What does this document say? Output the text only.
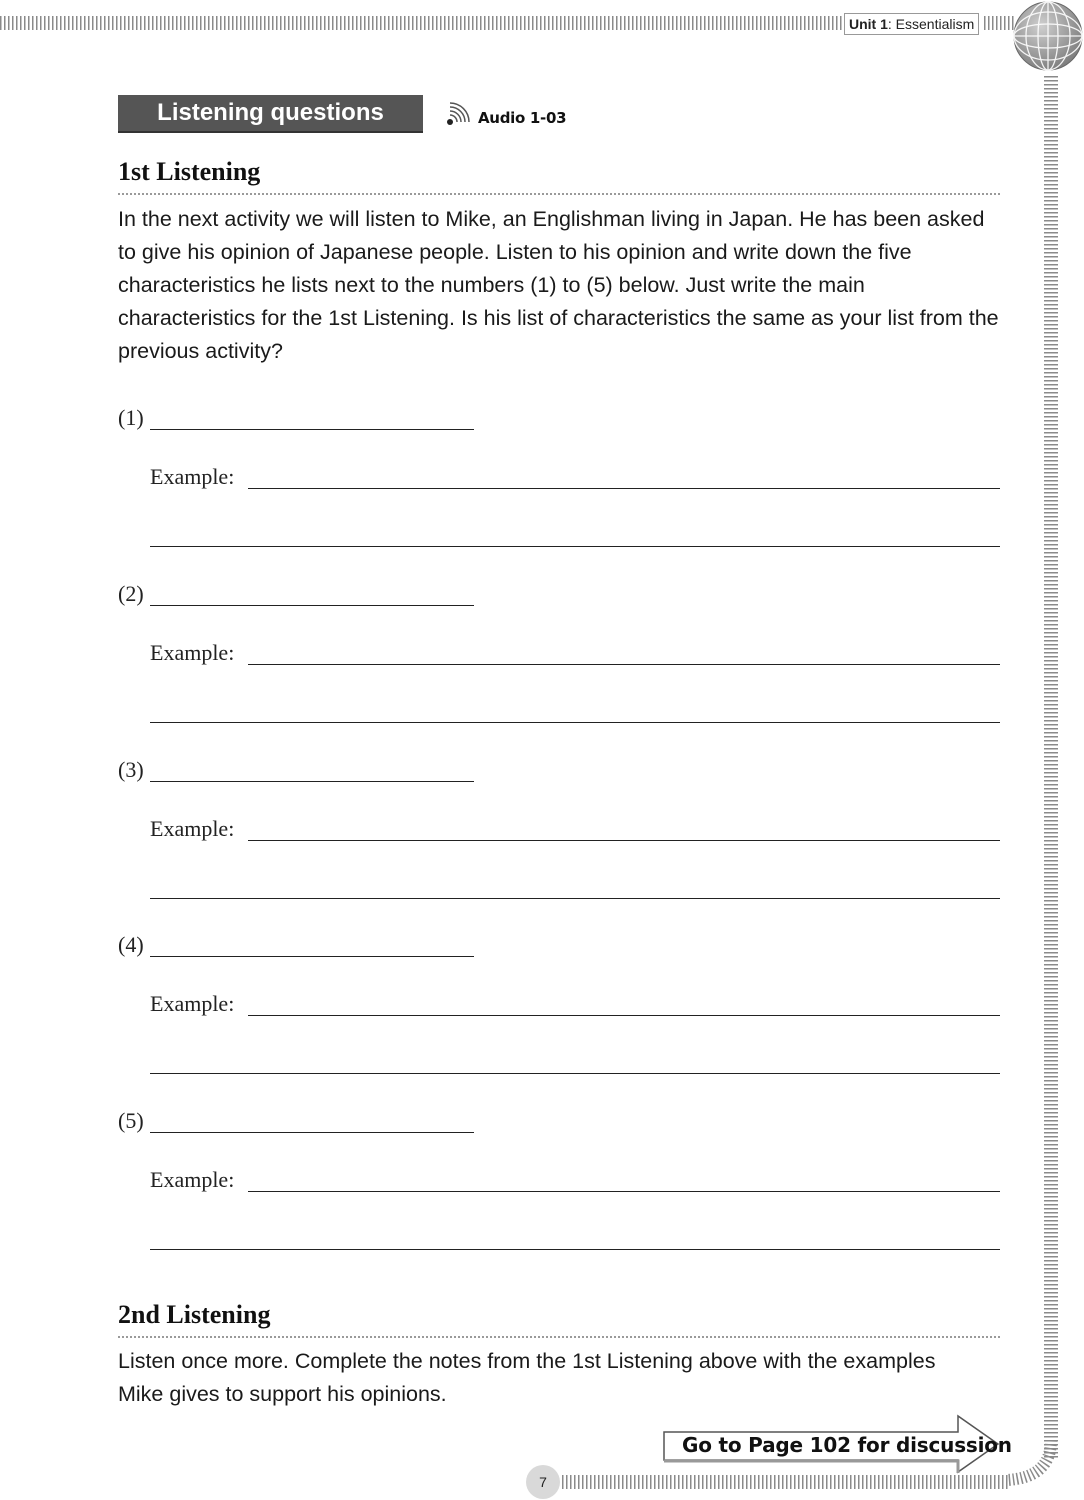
Unit 1: Essentialism
Listening questions	Audio 1-03
1st Listening
In the next activity we will listen to Mike, an Englishman living in Japan. He has been asked to give his opinion of Japanese people. Listen to his opinion and write down the five characteristics he lists next to the numbers (1) to (5) below. Just write the main characteristics for the 1st Listening. Is his list of characteristics the same as your list from the previous activity?
(1)
Example:
(2)
Example:
(3)
Example:
(4)
Example:
(5)
Example:
2nd Listening
Listen once more. Complete the notes from the 1st Listening above with the examples Mike gives to support his opinions.
Go to Page 102 for discussion
7
